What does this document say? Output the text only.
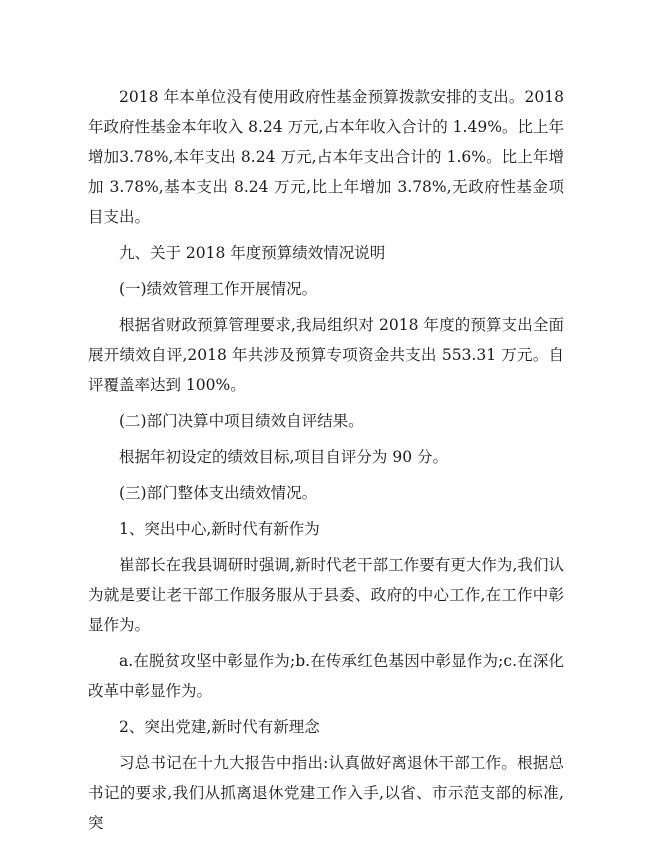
2018 年本单位没有使用政府性基金预算拨款安排的支出。2018 年政府性基金本年收入 8.24 万元,占本年收入合计的 1.49%。比上年增加3.78%,本年支出 8.24 万元,占本年支出合计的 1.6%。比上年增加 3.78%,基本支出 8.24 万元,比上年增加 3.78%,无政府性基金项目支出。

九、关于 2018 年度预算绩效情况说明

(一)绩效管理工作开展情况。

根据省财政预算管理要求,我局组织对 2018 年度的预算支出全面展开绩效自评,2018 年共涉及预算专项资金共支出 553.31 万元。自评覆盖率达到 100%。

(二)部门决算中项目绩效自评结果。

根据年初设定的绩效目标,项目自评分为 90 分。

(三)部门整体支出绩效情况。

1、突出中心,新时代有新作为

崔部长在我县调研时强调,新时代老干部工作要有更大作为,我们认为就是要让老干部工作服务服从于县委、政府的中心工作,在工作中彰显作为。

a.在脱贫攻坚中彰显作为;b.在传承红色基因中彰显作为;c.在深化改革中彰显作为。

2、突出党建,新时代有新理念

习总书记在十九大报告中指出:认真做好离退休干部工作。根据总书记的要求,我们从抓离退休党建工作入手,以省、市示范支部的标准,突
